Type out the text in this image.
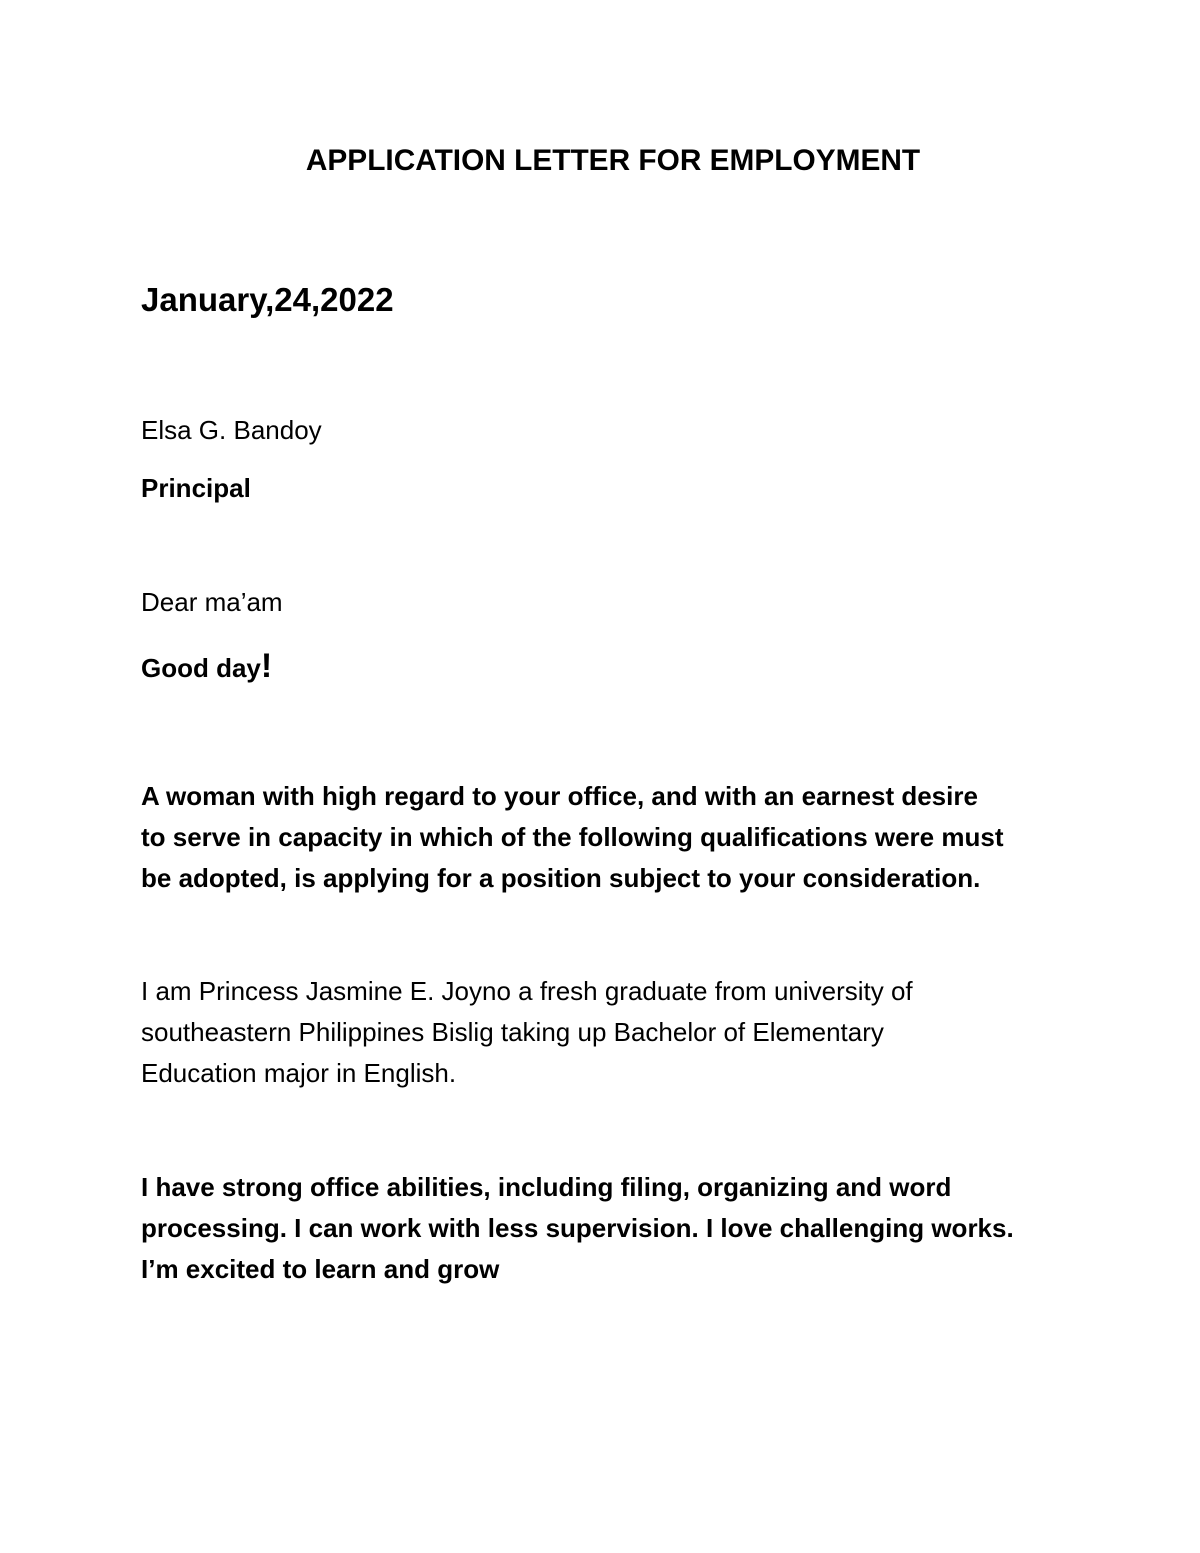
APPLICATION LETTER FOR EMPLOYMENT
January,24,2022
Elsa G. Bandoy
Principal
Dear ma’am
Good day!
A woman with high regard to your office, and with an earnest desire
to serve in capacity in which of the following qualifications were must
be adopted, is applying for a position subject to your consideration.
I am Princess Jasmine E. Joyno a fresh graduate from university of
southeastern Philippines Bislig taking up Bachelor of Elementary
Education major in English.
I have strong office abilities, including filing, organizing and word
processing. I can work with less supervision. I love challenging works.
I’m excited to learn and grow
